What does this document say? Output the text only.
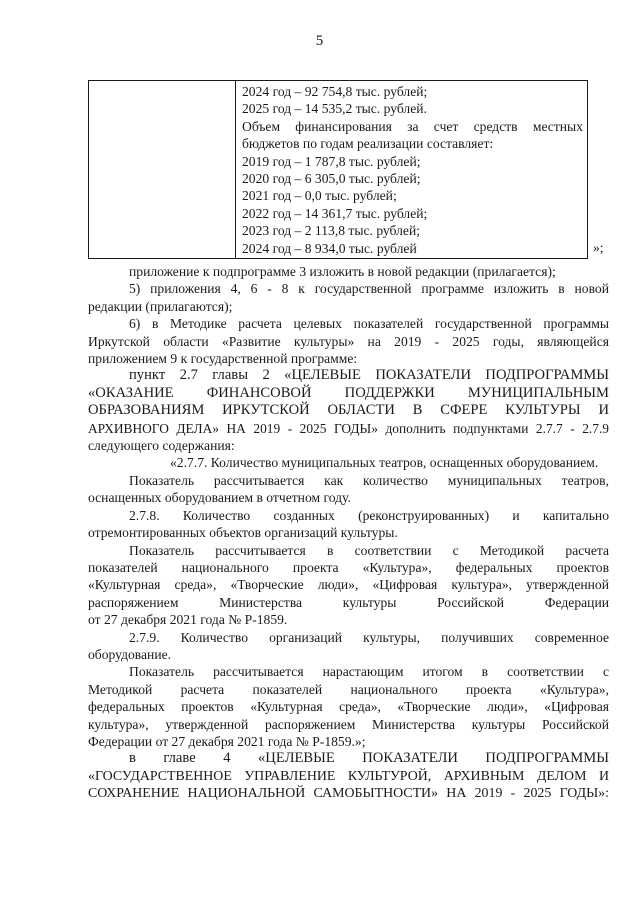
5

2024 год – 92 754,8 тыс. рублей;
2025 год – 14 535,2 тыс. рублей.
Объем финансирования за счет средств местных
бюджетов по годам реализации составляет:
2019 год – 1 787,8 тыс. рублей;
2020 год – 6 305,0 тыс. рублей;
2021 год – 0,0 тыс. рублей;
2022 год – 14 361,7 тыс. рублей;
2023 год – 2 113,8 тыс. рублей;
2024 год – 8 934,0 тыс. рублей	»;

приложение к подпрограмме 3 изложить в новой редакции (прилагается);

5) приложения 4, 6 - 8 к государственной программе изложить в новой
редакции (прилагаются);

6) в Методике расчета целевых показателей государственной программы
Иркутской области «Развитие культуры» на 2019 - 2025 годы, являющейся
приложением 9 к государственной программе:

пункт 2.7 главы 2 «ЦЕЛЕВЫЕ ПОКАЗАТЕЛИ ПОДПРОГРАММЫ
«ОКАЗАНИЕ ФИНАНСОВОЙ ПОДДЕРЖКИ МУНИЦИПАЛЬНЫМ
ОБРАЗОВАНИЯМ ИРКУТСКОЙ ОБЛАСТИ В СФЕРЕ КУЛЬТУРЫ И
АРХИВНОГО ДЕЛА» НА 2019 - 2025 ГОДЫ» дополнить подпунктами 2.7.7 - 2.7.9
следующего содержания:

«2.7.7. Количество муниципальных театров, оснащенных оборудованием.

Показатель рассчитывается как количество муниципальных театров,
оснащенных оборудованием в отчетном году.

2.7.8. Количество созданных (реконструированных) и капитально
отремонтированных объектов организаций культуры.

Показатель рассчитывается в соответствии с Методикой расчета
показателей национального проекта «Культура», федеральных проектов
«Культурная среда», «Творческие люди», «Цифровая культура», утвержденной
распоряжением Министерства культуры Российской Федерации
от 27 декабря 2021 года № Р-1859.

2.7.9. Количество организаций культуры, получивших современное
оборудование.

Показатель рассчитывается нарастающим итогом в соответствии с
Методикой расчета показателей национального проекта «Культура»,
федеральных проектов «Культурная среда», «Творческие люди», «Цифровая
культура», утвержденной распоряжением Министерства культуры Российской
Федерации от 27 декабря 2021 года № Р-1859.»;

в главе 4 «ЦЕЛЕВЫЕ ПОКАЗАТЕЛИ ПОДПРОГРАММЫ
«ГОСУДАРСТВЕННОЕ УПРАВЛЕНИЕ КУЛЬТУРОЙ, АРХИВНЫМ ДЕЛОМ И
СОХРАНЕНИЕ НАЦИОНАЛЬНОЙ САМОБЫТНОСТИ» НА 2019 - 2025 ГОДЫ»:
